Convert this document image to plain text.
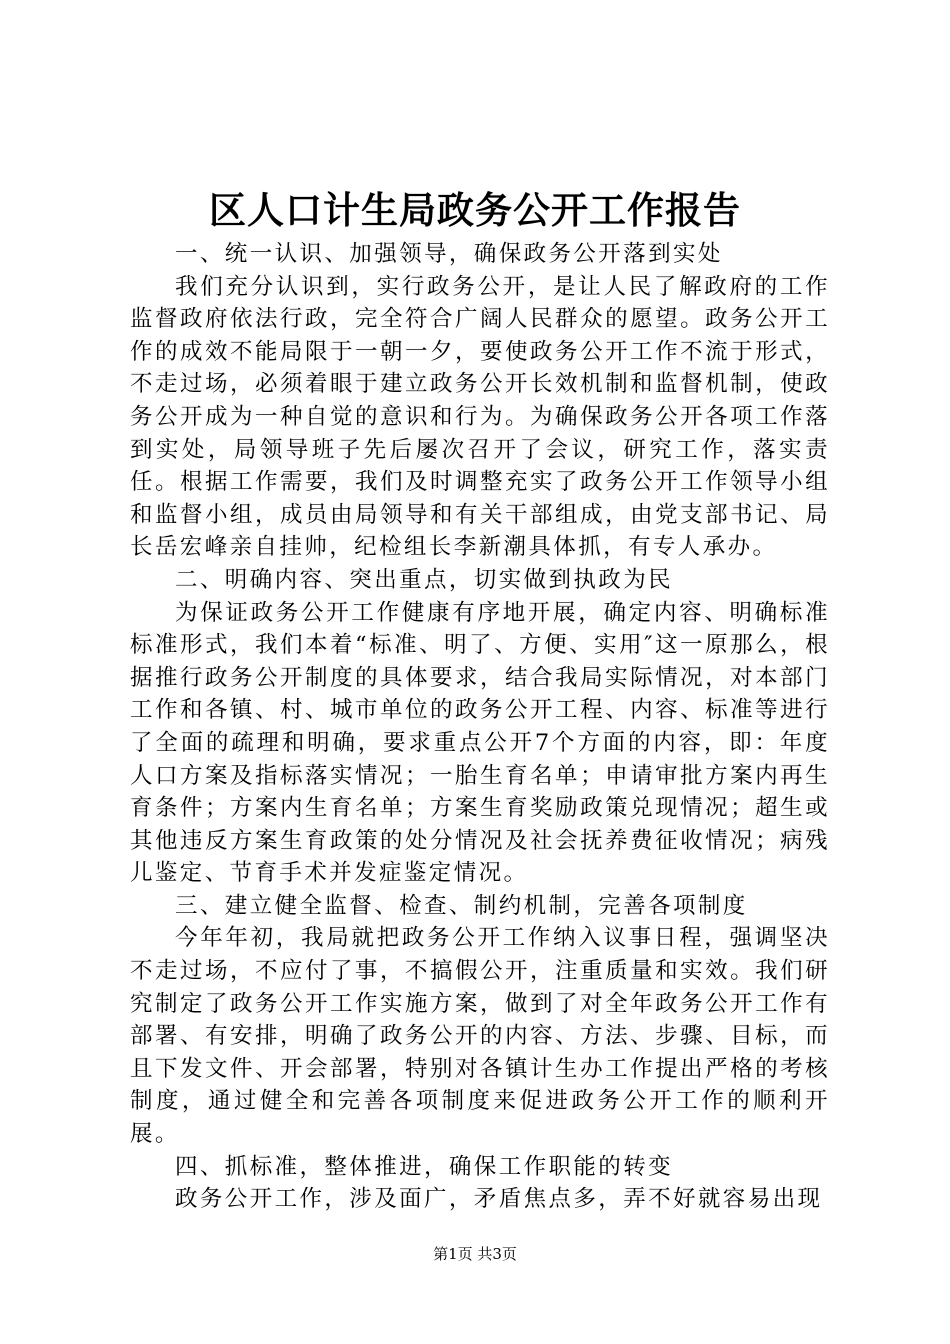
区人口计生局政务公开工作报告

一、统一认识、加强领导，确保政务公开落到实处

我们充分认识到，实行政务公开，是让人民了解政府的工作监督政府依法行政，完全符合广阔人民群众的愿望。政务公开工作的成效不能局限于一朝一夕，要使政务公开工作不流于形式，不走过场，必须着眼于建立政务公开长效机制和监督机制，使政务公开成为一种自觉的意识和行为。为确保政务公开各项工作落到实处，局领导班子先后屡次召开了会议，研究工作，落实责任。根据工作需要，我们及时调整充实了政务公开工作领导小组和监督小组，成员由局领导和有关干部组成，由党支部书记、局长岳宏峰亲自挂帅，纪检组长李新潮具体抓，有专人承办。

二、明确内容、突出重点，切实做到执政为民

为保证政务公开工作健康有序地开展，确定内容、明确标准标准形式，我们本着“标准、明了、方便、实用″这一原那么，根据推行政务公开制度的具体要求，结合我局实际情况，对本部门工作和各镇、村、城市单位的政务公开工程、内容、标准等进行了全面的疏理和明确，要求重点公开7个方面的内容，即：年度人口方案及指标落实情况；一胎生育名单；申请审批方案内再生育条件；方案内生育名单；方案生育奖励政策兑现情况；超生或其他违反方案生育政策的处分情况及社会抚养费征收情况；病残儿鉴定、节育手术并发症鉴定情况。

三、建立健全监督、检查、制约机制，完善各项制度

今年年初，我局就把政务公开工作纳入议事日程，强调坚决不走过场，不应付了事，不搞假公开，注重质量和实效。我们研究制定了政务公开工作实施方案，做到了对全年政务公开工作有部署、有安排，明确了政务公开的内容、方法、步骤、目标，而且下发文件、开会部署，特别对各镇计生办工作提出严格的考核制度，通过健全和完善各项制度来促进政务公开工作的顺利开展。

四、抓标准，整体推进，确保工作职能的转变

政务公开工作，涉及面广，矛盾焦点多，弄不好就容易出现

第1页 共3页
